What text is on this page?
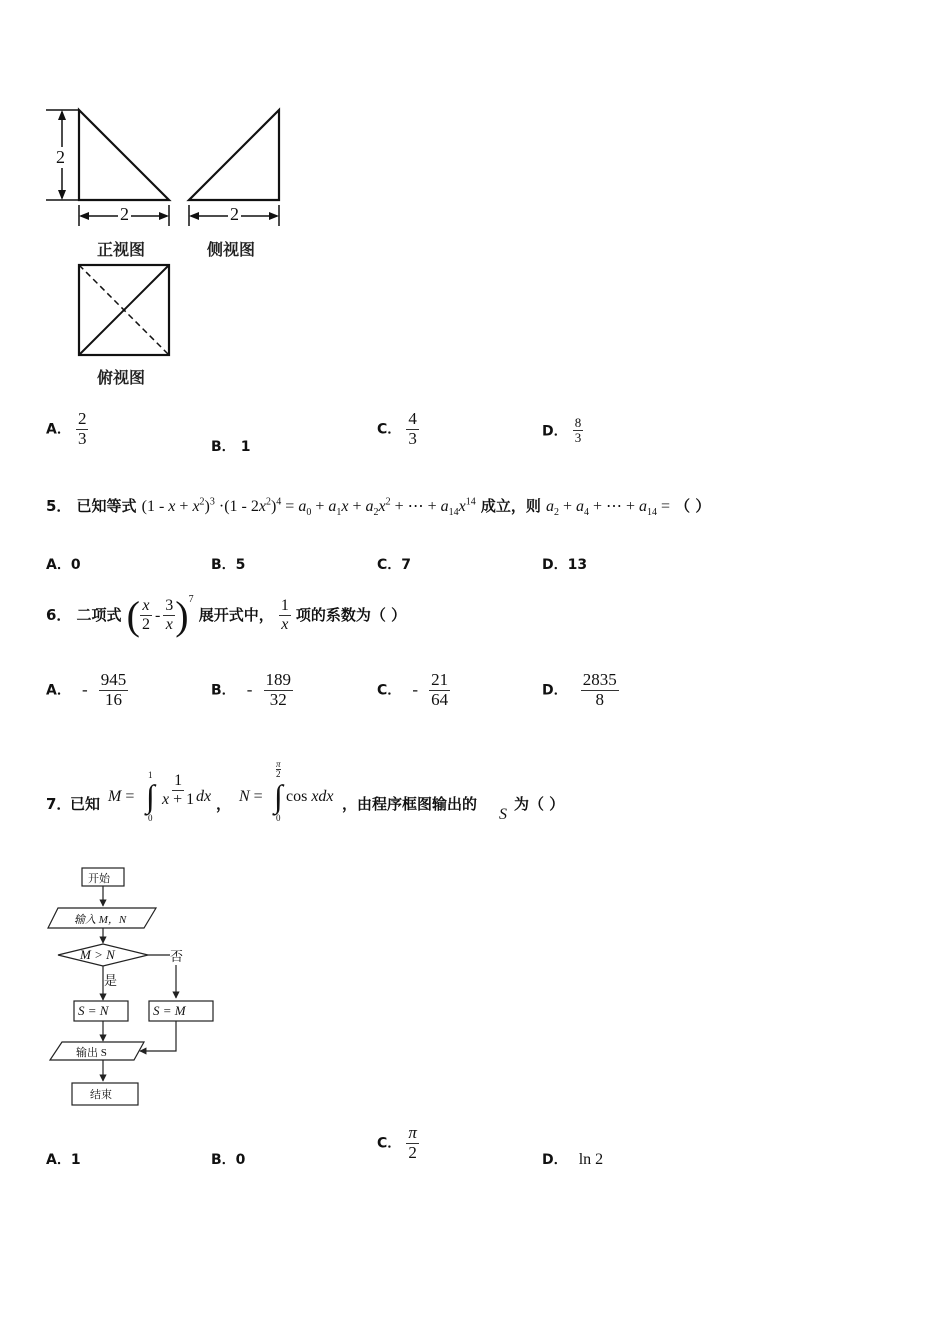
2
2	2
正视图	侧视图
俯视图
A． $\frac{2}{3}$	B． 1
C． $\frac{4}{3}$	D． $\frac{8}{3}$
5． 已知等式 $(1 - x + x^2)^3 \cdot(1 - 2x^2)^4 = a_0 + a_1x + a_2x^2$ + ⋯ + $a_{14}x^{14}$ 成立，则 $a_2 + a_4$ + ⋯ + $a_{14}$ = （ ）
A．0	B．5	C．7	D．13
6． 二项式 ( $\frac{x}{2} - \frac{3}{x} )^7$
展开式中， $\frac{1}{x}$ 项的系数为（ ）
A． - $\frac{945}{16}$	B． - $\frac{189}{32}$	C． - $\frac{21}{64}$	D． $\frac{2835}{8}$
7．
已知 M = ∫
1
0
$\frac{1}{x + 1}$ dx ， N = ∫
π
2
0
cos xdx ，由程序框图输出的
S
为（ ）
开始
输入 M，N
M > N
是
否
S = N	S = M
输出 S
结束
A．1	B．0
C． $\frac{\pi}{2}$	D． ln 2
